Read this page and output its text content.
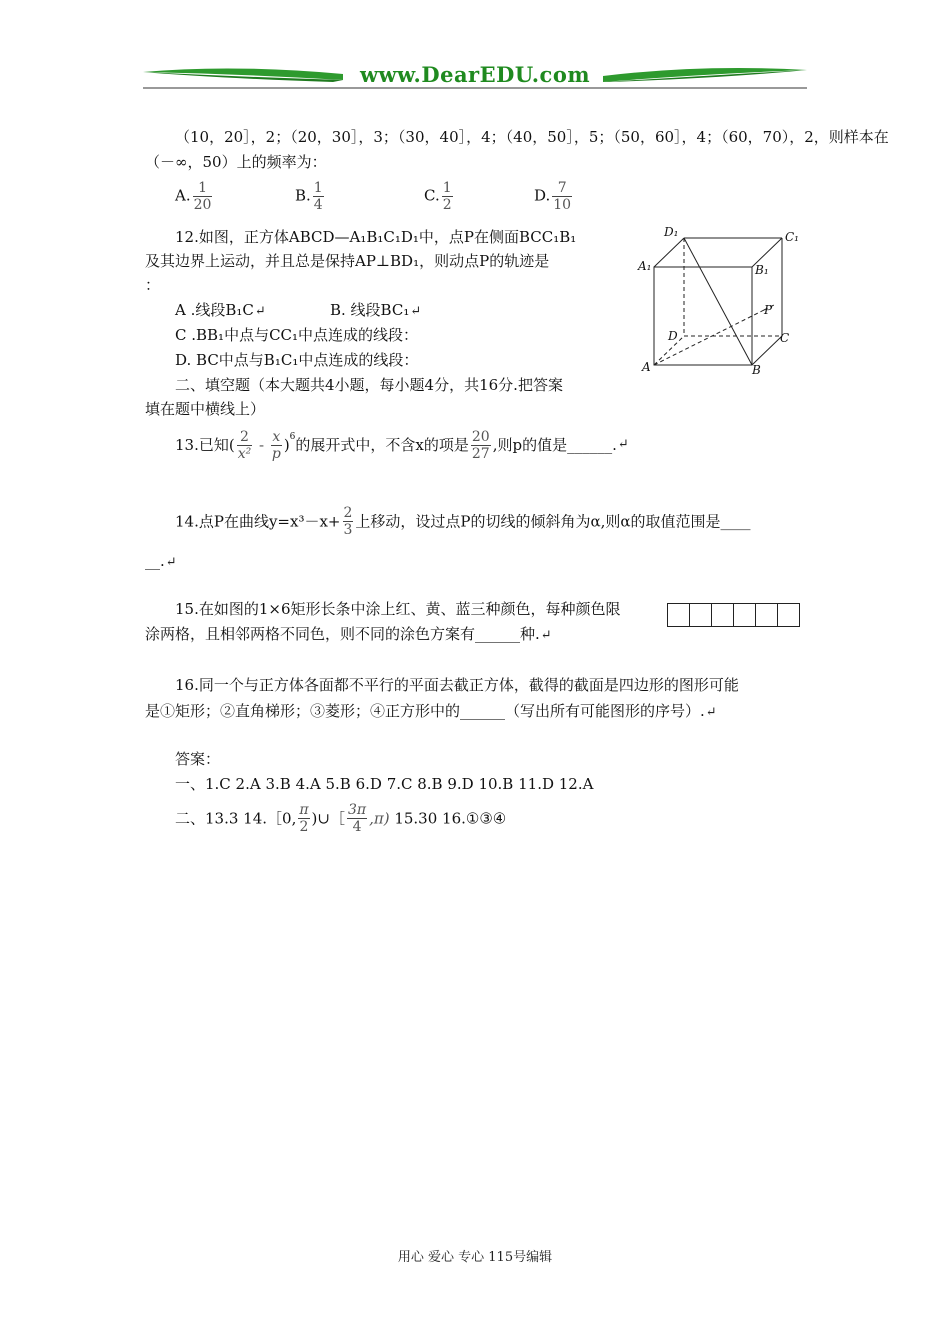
www.DearEDU.com
（10，20］，2；（20，30］，3；（30，40］，4；（40，50］，5；（50，60］，4；（60，70），2，则样本在
（－∞，50）上的频率为：
A. $\frac{1}{20}$	B. $\frac{1}{4}$	C. $\frac{1}{2}$	D. $\frac{7}{10}$
12.如图，正方体ABCD—A₁B₁C₁D₁中，点P在侧面BCC₁B₁
及其边界上运动，并且总是保持AP⊥BD₁，则动点P的轨迹是
：
A .线段B₁C↵	B. 线段BC₁↵
C .BB₁中点与CC₁中点连成的线段：
D. BC中点与B₁C₁中点连成的线段：
D₁	C₁
A₁	B₁
P
D	C
A	B
二、填空题（本大题共4小题，每小题4分，共16分.把答案
填在题中横线上）
13.已知( $\frac{2}{\text{x²}} - \frac{x}{p} )^6$的展开式中，不含x的项是 $\frac{20}{27}$ ,则p的值是______.↵
14.点P在曲线$y=x^3-x+ \frac{2}{3}$ 上移动，设过点P的切线的倾斜角为α,则α的取值范围是____
__.↵
15.在如图的1×6矩形长条中涂上红、黄、蓝三种颜色，每种颜色限
涂两格，且相邻两格不同色，则不同的涂色方案有______种.↵

16.同一个与正方体各面都不平行的平面去截正方体，截得的截面是四边形的图形可能
是①矩形；②直角梯形；③菱形；④正方形中的______（写出所有可能图形的序号）.↵
答案：
一、1.C 2.A 3.B 4.A 5.B 6.D 7.C 8.B 9.D 10.B 11.D 12.A
二、13.3 14.［0, $\frac{\pi}{2}$ )∪［ $\frac{3\pi}{4} ,\pi$) 15.30 16.①③④
用心 爱心 专心 115号编辑
